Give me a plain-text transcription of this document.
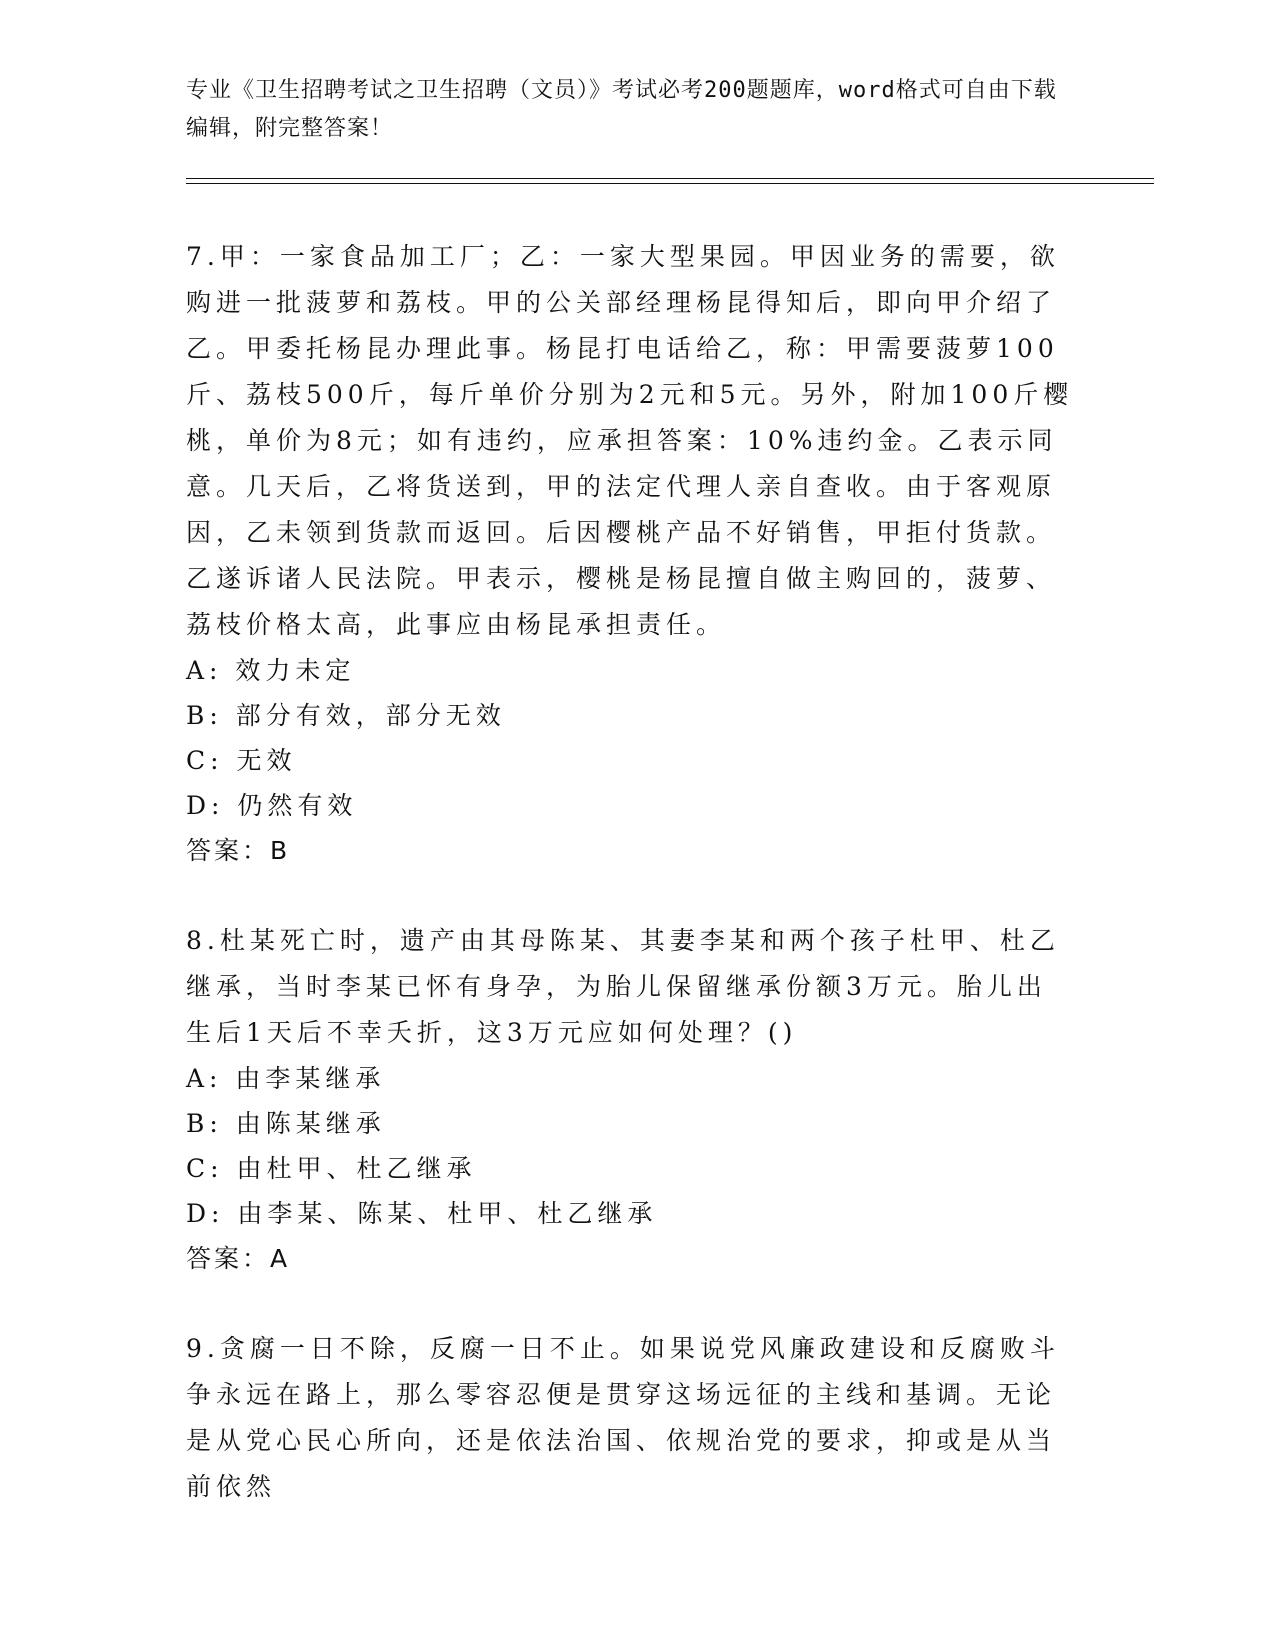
专业《卫生招聘考试之卫生招聘（文员）》考试必考200题题库，word格式可自由下载编辑，附完整答案！
7.甲：一家食品加工厂；乙：一家大型果园。甲因业务的需要，欲购进一批菠萝和荔枝。甲的公关部经理杨昆得知后，即向甲介绍了乙。甲委托杨昆办理此事。杨昆打电话给乙，称：甲需要菠萝100斤、荔枝500斤，每斤单价分别为2元和5元。另外，附加100斤樱桃，单价为8元；如有违约，应承担答案：10%违约金。乙表示同意。几天后，乙将货送到，甲的法定代理人亲自查收。由于客观原因，乙未领到货款而返回。后因樱桃产品不好销售，甲拒付货款。乙遂诉诸人民法院。甲表示，樱桃是杨昆擅自做主购回的，菠萝、荔枝价格太高，此事应由杨昆承担责任。
A: 效力未定
B: 部分有效，部分无效
C: 无效
D: 仍然有效
答案：B
8.杜某死亡时，遗产由其母陈某、其妻李某和两个孩子杜甲、杜乙继承，当时李某已怀有身孕，为胎儿保留继承份额3万元。胎儿出生后1天后不幸夭折，这3万元应如何处理？()
A: 由李某继承
B: 由陈某继承
C: 由杜甲、杜乙继承
D: 由李某、陈某、杜甲、杜乙继承
答案：A
9.贪腐一日不除，反腐一日不止。如果说党风廉政建设和反腐败斗争永远在路上，那么零容忍便是贯穿这场远征的主线和基调。无论是从党心民心所向，还是依法治国、依规治党的要求，抑或是从当前依然
